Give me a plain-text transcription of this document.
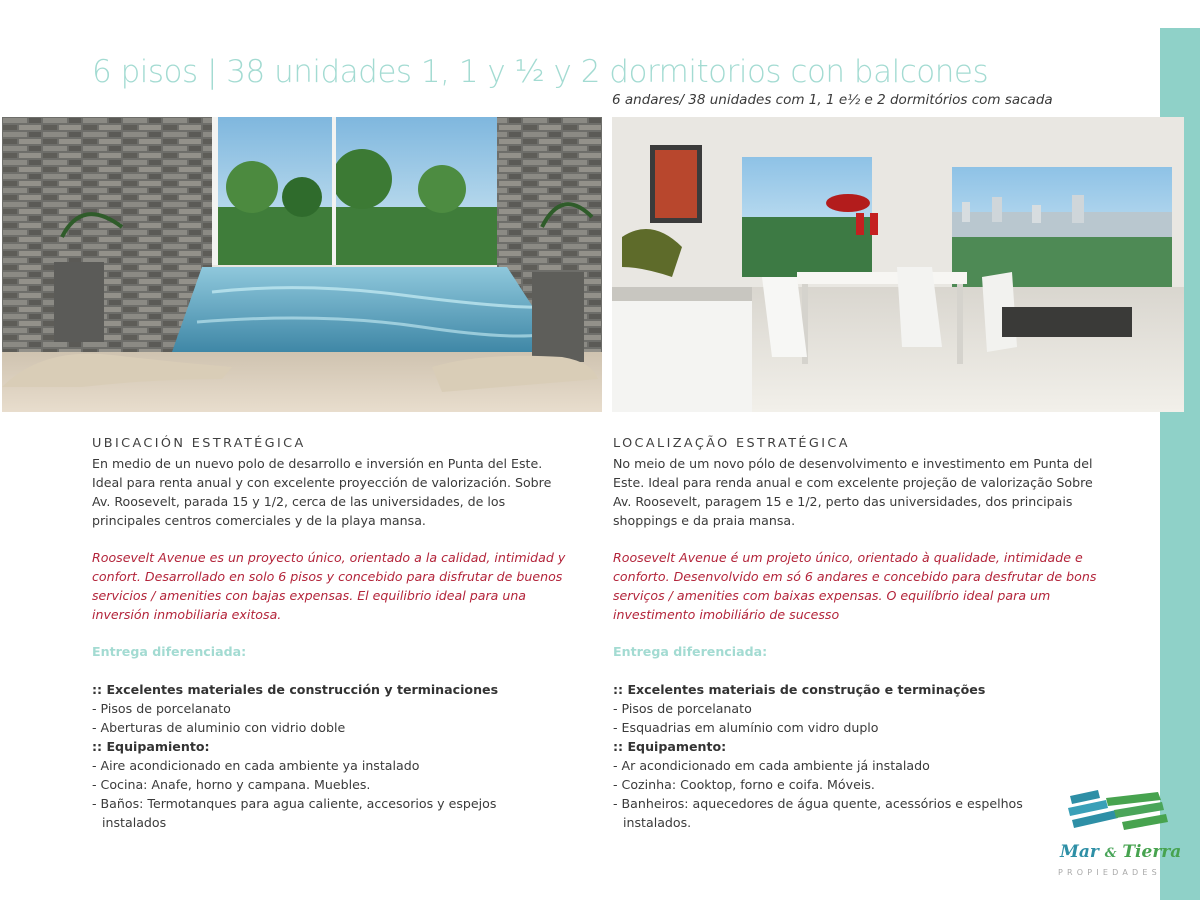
6 pisos | 38 unidades 1, 1 y ½ y 2 dormitorios con balcones
6 andares/ 38 unidades com 1, 1 e½ e 2 dormitórios com sacada
UBICACIÓN ESTRATÉGICA

En medio de un nuevo polo de desarrollo e inversión en Punta del Este. Ideal para renta anual y con excelente proyección de valorización. Sobre Av. Roosevelt, parada 15 y 1/2, cerca de las universidades, de los principales centros comerciales y de la playa mansa.

Roosevelt Avenue es un proyecto único, orientado a la calidad, intimidad y confort. Desarrollado en solo 6 pisos y concebido para disfrutar de buenos servicios / amenities con bajas expensas. El equilibrio ideal para una inversión inmobiliaria exitosa.

Entrega diferenciada:

:: Excelentes materiales de construcción y terminaciones
- Pisos de porcelanato
- Aberturas de aluminio con vidrio doble
:: Equipamiento:
- Aire acondicionado en cada ambiente ya instalado
- Cocina: Anafe, horno y campana. Muebles.
- Baños: Termotanques para agua caliente, accesorios y espejos
instalados
LOCALIZAÇÃO ESTRATÉGICA

No meio de um novo pólo de desenvolvimento e investimento em Punta del Este. Ideal para renda anual e com excelente projeção de valorização Sobre Av. Roosevelt, paragem 15 e 1/2, perto das universidades, dos principais shoppings e da praia mansa.

Roosevelt Avenue é um projeto único, orientado à qualidade, intimidade e conforto. Desenvolvido em só 6 andares e concebido para desfrutar de bons serviços / amenities com baixas expensas. O equilíbrio ideal para um investimento imobiliário de sucesso

Entrega diferenciada:

:: Excelentes materiais de construção e terminações
- Pisos de porcelanato
- Esquadrias em alumínio com vidro duplo
:: Equipamento:
- Ar acondicionado em cada ambiente já instalado
- Cozinha: Cooktop, forno e coifa. Móveis.
- Banheiros: aquecedores de água quente, acessórios e espelhos
instalados.
Mar & Tierra
PROPIEDADES
